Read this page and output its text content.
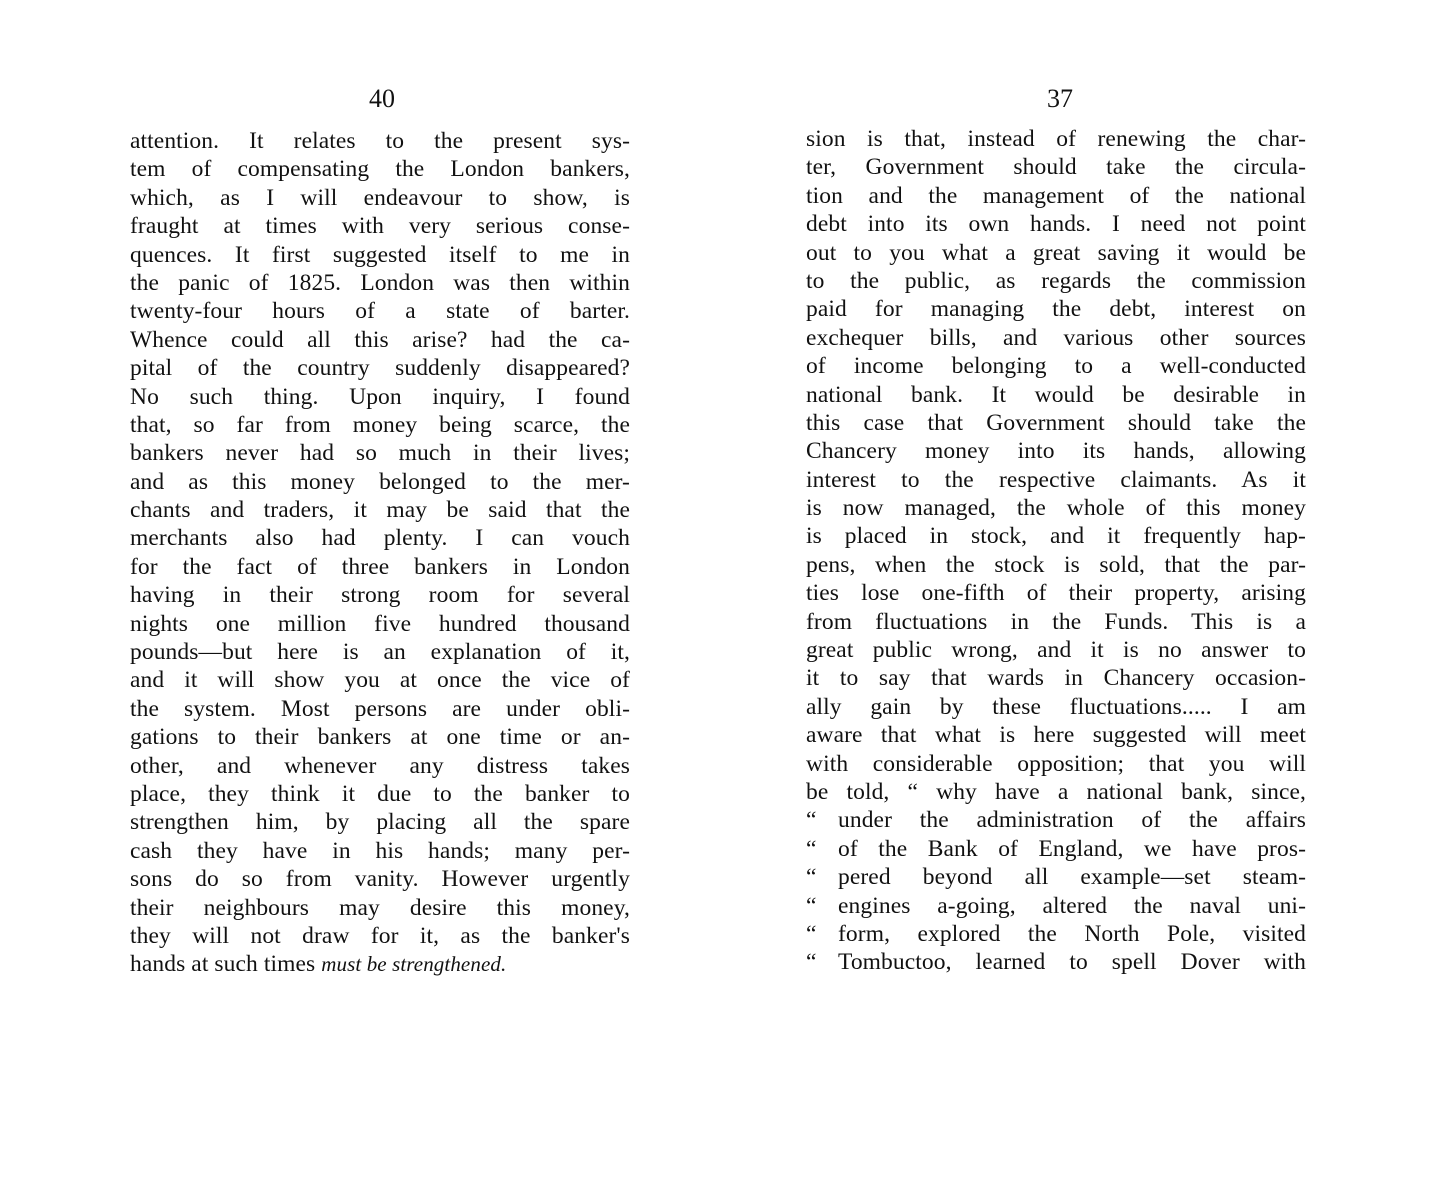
40
attention. It relates to the present sys-
tem of compensating the London bankers,
which, as I will endeavour to show, is
fraught at times with very serious conse-
quences. It first suggested itself to me in
the panic of 1825. London was then within
twenty-four hours of a state of barter.
Whence could all this arise? had the ca-
pital of the country suddenly disappeared?
No such thing. Upon inquiry, I found
that, so far from money being scarce, the
bankers never had so much in their lives;
and as this money belonged to the mer-
chants and traders, it may be said that the
merchants also had plenty. I can vouch
for the fact of three bankers in London
having in their strong room for several
nights one million five hundred thousand
pounds—but here is an explanation of it,
and it will show you at once the vice of
the system. Most persons are under obli-
gations to their bankers at one time or an-
other, and whenever any distress takes
place, they think it due to the banker to
strengthen him, by placing all the spare
cash they have in his hands; many per-
sons do so from vanity. However urgently
their neighbours may desire this money,
they will not draw for it, as the banker's
hands at such times must be strengthened.
37
sion is that, instead of renewing the char-
ter, Government should take the circula-
tion and the management of the national
debt into its own hands. I need not point
out to you what a great saving it would be
to the public, as regards the commission
paid for managing the debt, interest on
exchequer bills, and various other sources
of income belonging to a well-conducted
national bank. It would be desirable in
this case that Government should take the
Chancery money into its hands, allowing
interest to the respective claimants. As it
is now managed, the whole of this money
is placed in stock, and it frequently hap-
pens, when the stock is sold, that the par-
ties lose one-fifth of their property, arising
from fluctuations in the Funds. This is a
great public wrong, and it is no answer to
it to say that wards in Chancery occasion-
ally gain by these fluctuations..... I am
aware that what is here suggested will meet
with considerable opposition; that you will
be told, “ why have a national bank, since,
“ under the administration of the affairs
“ of the Bank of England, we have pros-
“ pered beyond all example—set steam-
“ engines a-going, altered the naval uni-
“ form, explored the North Pole, visited
“ Tombuctoo, learned to spell Dover with
